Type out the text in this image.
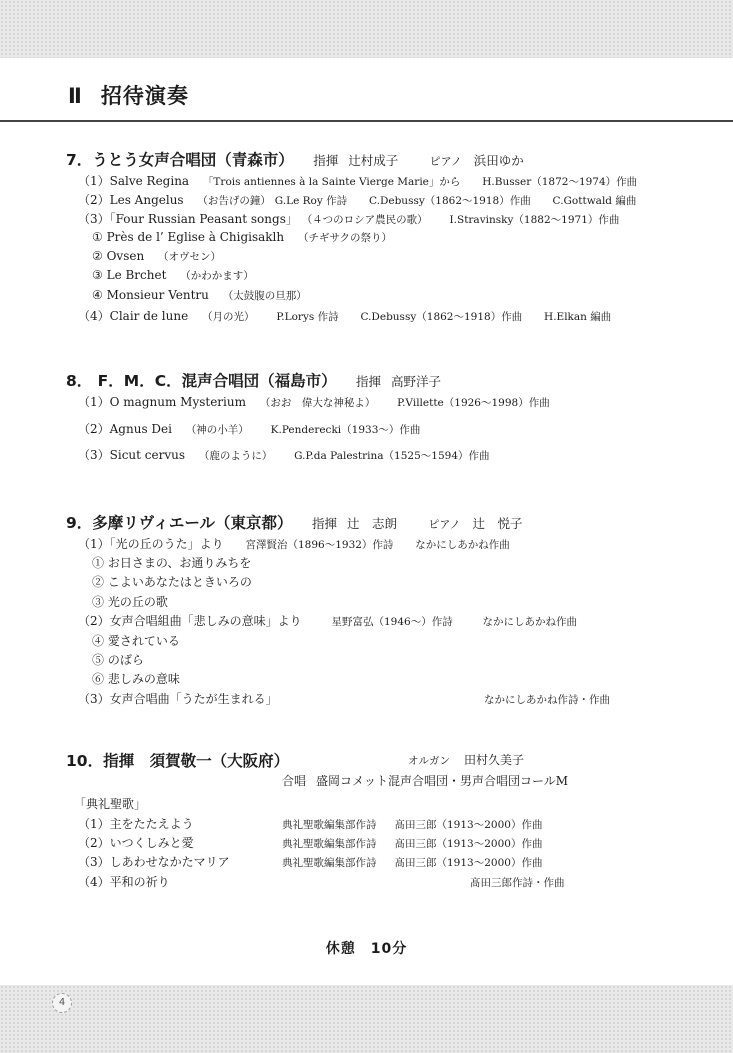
Ⅱ 招待演奏
7．うとう女声合唱団（青森市） 指揮 辻村成子	ピアノ 浜田ゆか
（1）Salve Regina 「Trois antiennes à la Sainte Vierge Marie」から H.Busser（1872～1974）作曲
（2）Les Angelus （お告げの鐘） G.Le Roy 作詩 C.Debussy（1862～1918）作曲 C.Gottwald 編曲
（3）「Four Russian Peasant songs」 （４つのロシア農民の歌） I.Stravinsky（1882～1971）作曲
① Près de l’ Eglise à Chigisaklh （チギサクの祭り）
② Ovsen （オヴセン）
③ Le Brchet （かわかます）
④ Monsieur Ventru （太鼓腹の旦那）
（4）Clair de lune （月の光） P.Lorys 作詩 C.Debussy（1862～1918）作曲 H.Elkan 編曲
8． F．M．C．混声合唱団（福島市） 指揮 高野洋子
（1）O magnum Mysterium （おお　偉大な神秘よ） P.Villette（1926～1998）作曲
（2）Agnus Dei （神の小羊） K.Penderecki（1933～）作曲
（3）Sicut cervus （鹿のように） G.P.da Palestrina（1525～1594）作曲
9．多摩リヴィエール（東京都） 指揮 辻　志朗	ピアノ 辻　悦子
（1）「光の丘のうた」より 宮澤賢治（1896～1932）作詩 なかにしあかね作曲
① お日さまの、お通りみちを
② こよいあなたはときいろの
③ 光の丘の歌
（2）女声合唱組曲「悲しみの意味」より	星野富弘（1946～）作詩	なかにしあかね作曲
④ 愛されている
⑤ のばら
⑥ 悲しみの意味
（3）女声合唱曲「うたが生まれる」	なかにしあかね作詩・作曲
10．指揮　須賀敬一（大阪府）	オルガン 田村久美子
合唱 盛岡コメット混声合唱団・男声合唱団コールM
「典礼聖歌」
（1）主をたたえよう	典礼聖歌編集部作詩 髙田三郎（1913～2000）作曲
（2）いつくしみと愛	典礼聖歌編集部作詩 髙田三郎（1913～2000）作曲
（3）しあわせなかたマリア	典礼聖歌編集部作詩 髙田三郎（1913～2000）作曲
（4）平和の祈り	髙田三郎作詩・作曲
休憩　10分
4
